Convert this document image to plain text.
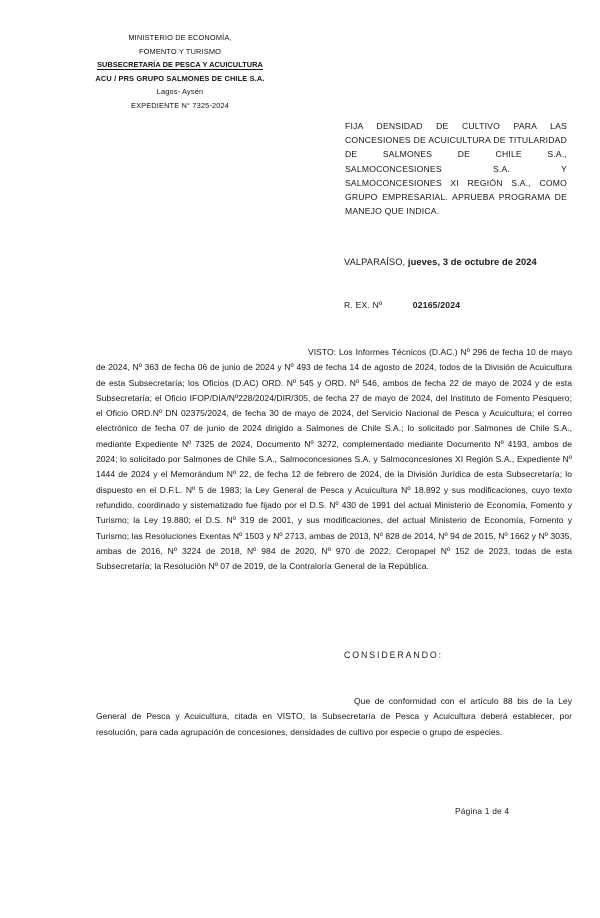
MINISTERIO DE ECONOMÍA,
FOMENTO Y TURISMO
SUBSECRETARÍA DE PESCA Y ACUICULTURA
ACU / PRS GRUPO SALMONES DE CHILE S.A.
Lagos- Aysén
EXPEDIENTE N° 7325-2024
FIJA DENSIDAD DE CULTIVO PARA LAS CONCESIONES DE ACUICULTURA DE TITULARIDAD DE SALMONES DE CHILE S.A., SALMOCONCESIONES S.A. Y SALMOCONCESIONES XI REGIÓN S.A., COMO GRUPO EMPRESARIAL. APRUEBA PROGRAMA DE MANEJO QUE INDICA.
VALPARAÍSO, jueves, 3 de octubre de 2024
R. EX. Nº	02165/2024
VISTO: Los Informes Técnicos (D.AC.) Nº 296 de fecha 10 de mayo de 2024, Nº 363 de fecha 06 de junio de 2024 y Nº 493 de fecha 14 de agosto de 2024, todos de la División de Acuicultura de esta Subsecretaría; los Oficios (D.AC) ORD. Nº 545 y ORD. Nº 546, ambos de fecha 22 de mayo de 2024 y de esta Subsecretaría; el Oficio IFOP/DIA/Nº228/2024/DIR/305, de fecha 27 de mayo de 2024, del Instituto de Fomento Pesquero; el Oficio ORD.Nº DN 02375/2024, de fecha 30 de mayo de 2024, del Servicio Nacional de Pesca y Acuicultura; el correo electrónico de fecha 07 de junio de 2024 dirigido a Salmones de Chile S.A.; lo solicitado por Salmones de Chile S.A., mediante Expediente Nº 7325 de 2024, Documento Nº 3272, complementado mediante Documento Nº 4193, ambos de 2024; lo solicitado por Salmones de Chile S.A., Salmoconcesiones S.A. y Salmoconcesiones XI Región S.A., Expediente Nº 1444 de 2024 y el Memorándum Nº 22, de fecha 12 de febrero de 2024, de la División Jurídica de esta Subsecretaría; lo dispuesto en el D.F.L. Nº 5 de 1983; la Ley General de Pesca y Acuicultura Nº 18.892 y sus modificaciones, cuyo texto refundido, coordinado y sistematizado fue fijado por el D.S. Nº 430 de 1991 del actual Ministerio de Economía, Fomento y Turismo; la Ley 19.880; el D.S. Nº 319 de 2001, y sus modificaciones, del actual Ministerio de Economía, Fomento y Turismo; las Resoluciones Exentas Nº 1503 y Nº 2713, ambas de 2013, Nº 828 de 2014, Nº 94 de 2015, Nº 1662 y Nº 3035, ambas de 2016, Nº 3224 de 2018, Nº 984 de 2020, Nº 970 de 2022, Ceropapel Nº 152 de 2023, todas de esta Subsecretaría; la Resolución Nº 07 de 2019, de la Contraloría General de la República.
CONSIDERANDO:
Que de conformidad con el artículo 88 bis de la Ley General de Pesca y Acuicultura, citada en VISTO, la Subsecretaría de Pesca y Acuicultura deberá establecer, por resolución, para cada agrupación de concesiones, densidades de cultivo por especie o grupo de especies.
Página 1 de 4
